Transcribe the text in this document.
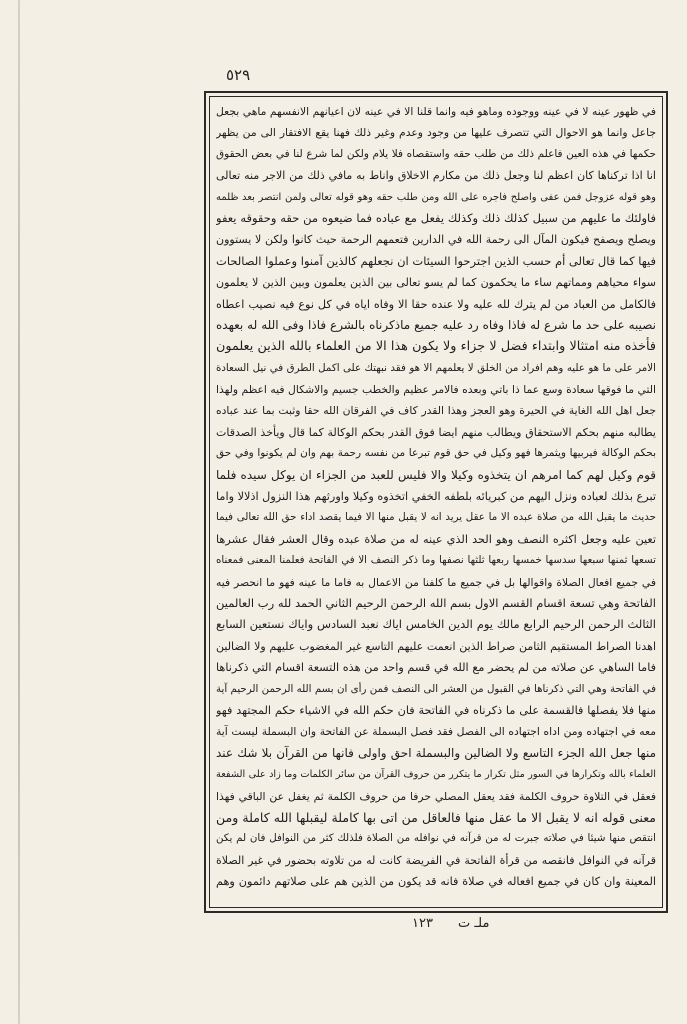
٥٢٩
في ظهور عينه لا في عينه ووجوده وماهو فيه وانما قلنا الا في عينه لان اعيانهم الانفسهم ماهي بجعل
جاعل وانما هو الاحوال التي تتصرف عليها من وجود وعدم وغير ذلك فهنا يقع الافتقار الى من يظهر
حكمها في هذه العين فاعلم ذلك من طلب حقه واستقصاه فلا يلام ولكن لما شرع لنا في بعض الحقوق
انا اذا تركناها كان اعظم لنا وجعل ذلك من مكارم الاخلاق واناط به مافي ذلك من الاجر منه تعالى
وهو قوله عزوجل فمن عفى واصلح فاجره على الله ومن طلب حقه وهو قوله تعالى ولمن انتصر بعد ظلمه
فاولئك ما عليهم من سبيل كذلك ذلك وكذلك يفعل مع عباده فما ضيعوه من حقه وحقوقه يعفو
ويصلح ويصفح فيكون المآل الى رحمة الله في الدارين فتعمهم الرحمة حيث كانوا ولكن لا يستوون
فيها كما قال تعالى أم حسب الذين اجترحوا السيئات ان نجعلهم كالذين آمنوا وعملوا الصالحات
سواء محياهم ومماتهم ساء ما يحكمون كما لم يسو تعالى بين الذين يعلمون وبين الذين لا يعلمون
فالكامل من العباد من لم يترك لله عليه ولا عنده حقا الا وفاه اياه في كل نوع فيه نصيب اعطاه
نصيبه على حد ما شرع له فاذا وفاه رد عليه جميع ماذكرناه بالشرع فاذا وفى الله له بعهده
فأخذه منه امتثالا وابتداء فضل لا جزاء ولا يكون هذا الا من العلماء بالله الذين يعلمون
الامر على ما هو عليه وهم افراد من الخلق لا يعلمهم الا هو فقد نبهتك على اكمل الطرق في نيل السعادة
التي ما فوقها سعادة وسع عما ذا باتي وبعده فالامر عظيم والخطب جسيم والاشكال فيه اعظم ولهذا
جعل اهل الله الغاية في الحيرة وهو العجز وهذا القدر كاف في الفرقان الله حقا وثبت بما عند عباده
يطالبه منهم بحكم الاستحقاق ويطالب منهم ايضا فوق القدر بحكم الوكالة كما قال ويأخذ الصدقات
بحكم الوكالة فيربيها ويثمرها فهو وكيل في حق قوم تبرعا من نفسه رحمة بهم وان لم يكونوا وفي حق
قوم وكيل لهم كما امرهم ان يتخذوه وكيلا والا فليس للعبد من الجزاء ان يوكل سيده فلما
تبرع بذلك لعباده ونزل اليهم من كبريائه بلطفه الخفي اتخذوه وكيلا واورثهم هذا النزول اذلالا واما
حديث ما يقبل الله من صلاة عبده الا ما عقل يريد انه لا يقبل منها الا فيما يقصد اداء حق الله تعالى فيما
تعين عليه وجعل اكثره النصف وهو الحد الذي عينه له من صلاة عبده وقال العشر فقال عشرها
تسعها ثمنها سبعها سدسها خمسها ربعها ثلثها نصفها وما ذكر النصف الا في الفاتحة فعلمنا المعنى فمعناه
في جميع افعال الصلاة واقوالها بل في جميع ما كلفنا من الاعمال به فاما ما عينه فهو ما انحصر فيه
الفاتحة وهي تسعة اقسام القسم الاول بسم الله الرحمن الرحيم الثاني الحمد لله رب العالمين
الثالث الرحمن الرحيم الرابع مالك يوم الدين الخامس اياك نعبد السادس واياك نستعين السابع
اهدنا الصراط المستقيم الثامن صراط الذين انعمت عليهم التاسع غير المغضوب عليهم ولا الضالين
فاما الساهي عن صلاته من لم يحضر مع الله في قسم واحد من هذه التسعة اقسام التي ذكرناها
في الفاتحة وهي التي ذكرناها في القبول من العشر الى النصف فمن رأى ان بسم الله الرحمن الرحيم آية
منها فلا يفصلها فالقسمة على ما ذكرناه في الفاتحة فان حكم الله في الاشياء حكم المجتهد فهو
معه في اجتهاده ومن اداه اجتهاده الى الفصل فقد فصل البسملة عن الفاتحة وان البسملة ليست آية
منها جعل الله الجزء التاسع ولا الضالين والبسملة احق واولى فانها من القرآن بلا شك عند
العلماء بالله وتكرارها في السور مثل تكرار ما يتكرر من حروف القرآن من سائر الكلمات وما زاد على الشفعة
فعقل في التلاوة حروف الكلمة فقد يعقل المصلي حرفا من حروف الكلمة ثم يغفل عن الباقي فهذا
معنى قوله انه لا يقبل الا ما عقل منها فالعاقل من اتى بها كاملة ليقبلها الله كاملة ومن
انتقص منها شيئا في صلاته جبرت له من قرآنه في نوافله من الصلاة فلذلك كثر من النوافل فان لم يكن
قرآنه في النوافل فانقصه من قرأة الفاتحة في الفريضة كانت له من تلاوته بحضور في غير الصلاة
المعينة وان كان في جميع افعاله في صلاة فانه قد يكون من الذين هم على صلاتهم دائمون وهم
١٢٣ ملـ ت
